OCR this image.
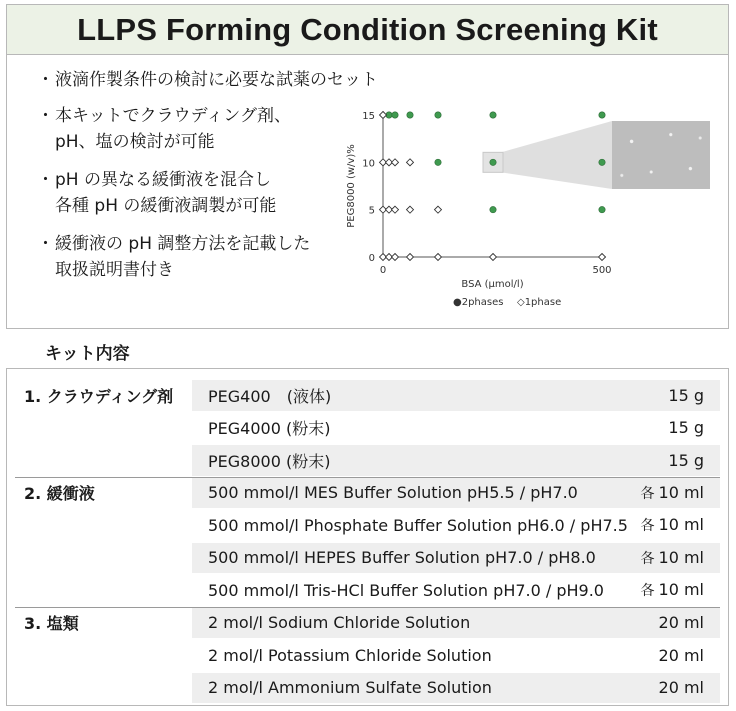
LLPS Forming Condition Screening Kit
・ 液滴作製条件の検討に必要な試薬のセット
・ 本キットでクラウディング剤、
pH、塩の検討が可能
・ pH の異なる緩衝液を混合し
各種 pH の緩衝液調製が可能
・ 緩衝液の pH 調整方法を記載した
取扱説明書付き
0
5
10
15
0	500
BSA (μmol/l)
PEG8000 (w/v)%
●2phases ◇1phase
キット内容
1. クラウディング剤 PEG400　(液体)	15 g
PEG4000 (粉末)	15 g
PEG8000 (粉末)	15 g
2. 緩衝液	500 mmol/l MES Buffer Solution pH5.5 / pH7.0	各 10 ml
500 mmol/l Phosphate Buffer Solution pH6.0 / pH7.5 各 10 ml
500 mmol/l HEPES Buffer Solution pH7.0 / pH8.0	各 10 ml
500 mmol/l Tris-HCl Buffer Solution pH7.0 / pH9.0	各 10 ml
3. 塩類	2 mol/l Sodium Chloride Solution	20 ml
2 mol/l Potassium Chloride Solution	20 ml
2 mol/l Ammonium Sulfate Solution	20 ml
